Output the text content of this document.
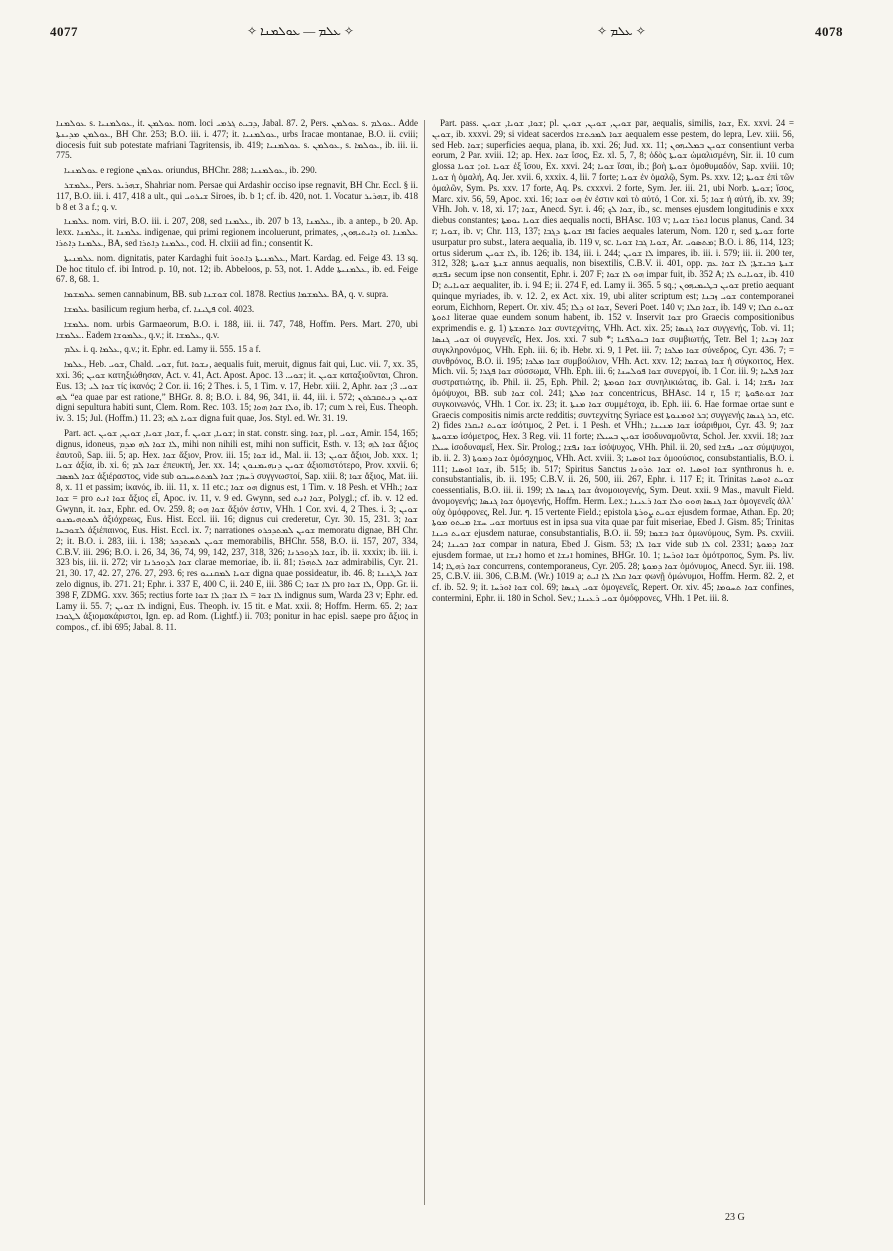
4077	✧ ܥܠܡ — ܥܘܠܡܢܐ ✧	✧ ܥܠܡ ✧	4078

ܥܘܠܡܢܐ s. ܥܘܠܡܢܝܐ, it. ܥܘܠܡܢ nom. loci ܕܒܝܬ ܓܪܡܝ, Jabal. 87. 2, Pers. ܥܘܠܡܢ s. ܥܘܠܡ. Adde ܥܘܠܡܢ ܡܕܝܢܬܐ, BH Chr. 253; B.O. iii. i. 477; it. ܥܘܠܡܢܝܐ, urbs Iracae montanae, B.O. ii. cviii; diocesis fuit sub potestate mafriani Tagritensis, ib. 419; ܥܘܠܡܢܝܐ s. ܥܘܠܡܢ, s. ܥܘܠܡܐ, ib. iii. ii. 775.

ܥܘܠܡܢܝܐ e regione ܥܘܠܡܢ oriundus, BHChr. 288; ܥܘܠܡܢܝܐ, ib. 290.

ܥܠܡܫܪ, Pers. ܫܗܪܝܪ, Shahriar nom. Persae qui Ardashir occiso ipse regnavit, BH Chr. Eccl. § ii. 117, B.O. iii. i. 417, 418 a ult., qui ܫܝܪܘܝ Siroes, ib. b 1; cf. ib. 420, not. 1. Vocatur ܫܗܪܝܪ, ib. 418 b 8 et 3 a f.; q. v.

ܥܠܡܢܐ nom. viri, B.O. iii. i. 207, 208, sed ܥܠܡܢܐ, ib. 207 b 13, ܥܠܡܢܐ, ib. a antep., b 20. Ap. lexx. ܥܠܡܢܐ, it. ܥܠܡܢܐ indigenae, qui primi regionem incoluerunt, primates, ܥܠܡܢܐ .ܐܘ ܕܐܝܬܝܗܘܢ, ܥܠܡܢܐ ܕܐܬܪܐ, BA, sed ܥܠܡܢܐ ܕܐܬܪܐ, cod. H. clxiii ad fin.; consentit K.

ܥܠܡܢܝܬܐ nom. dignitatis, pater Kardaghi fuit ܥܠܡܢܝܬܐ ܕܐܬܘܪ, Mart. Kardag. ed. Feige 43. 13 sq. De hoc titulo cf. ibi Introd. p. 10, not. 12; ib. Abbeloos, p. 53, not. 1. Adde ܥܠܡܢܝܬܐ, ib. ed. Feige 67. 8, 68. 1.

ܥܠܡܫܡܐ semen cannabinum, BB. sub ܫܘܫܢܐ col. 1878. Rectius ܥܠܡܫܡܐ BA, q. v. supra.

ܥܠܡܫܐ basilicum regium herba, cf. ܦܛܝܢܐ col. 4023.

ܥܠܡܫܐ nom. urbis Garmaeorum, B.O. i. 188, iii. ii. 747, 748, Hoffm. Pers. Mart. 270, ubi ܥܠܡܫܐ. Eadem ܥܠܡܘܫܐ, q.v.; it. ܥܠܡܫܐ, q.v.

ܥܠܡ i. q. ܥܠܡܐ, q.v.; it. Ephr. ed. Lamy ii. 555. 15 a f.

ܥܠܡܐ, Heb. ܫܘܝ, Chald. ܫܘܝ, fut. ܢܫܘܐ, aequalis fuit, meruit, dignus fait qui, Luc. vii. 7, xx. 35, xxi. 36; ܫܘܝܢ κατηξιώθησαν, Act. v. 41, Act. Apost. Apoc. ܫܘܝ. 13; it. ܫܘܝܢ καταξιοῦνται, Chron. Eus. 13; ܫܘܐ ܠܝ τίς ἱκανός; 2 Cor. ii. 16; 2 Thes. i. 5, 1 Tim. v. 17, Hebr. xiii. 2, Aphr. ܫܘܝ. 3; ܫܘܐ ܠܗ “ea quae par est ratione,” BHGr. 8. 8; B.O. i. 84, 96, 341, ii. 44, iii. i. 572; ܫܘܝܢ ܕܢܬܩܒܪܘܢ digni sepultura habiti sunt, Clem. Rom. Rec. 103. 15; ܘܠܐ ܫܘܐ ܗܘܐ, ib. 17; cum ܠ rei, Eus. Theoph. iv. 3. 15; Jul. (Hoffm.) 11. 23; ܫܘܝܐ ܠܗ digna fuit quae, Jos. Styl. ed. Wr. 31. 19.

Part. act. ܫܘܐ, ܫܘܝܐ, ܫܘܝܢ, ܫܘܝܢ, f. ܫܘܝܐ, ܫܘܝܢ; in stat. constr. sing. ܫܘܐ, pl. ܫܘܝ, Amir. 154, 165; dignus, idoneus, ܠܐ ܫܘܐ ܠܗ ܡܕܡ, mihi non nihili est, mihi non sufficit, Esth. v. 13; ܫܘܐ ܠܗ ἄξιος ἑαυτοῦ, Sap. iii. 5; ap. Hex. ܫܘܐ ἄξιον, Prov. iii. 15; ܫܘܐ id., Mal. ii. 13; ܫܘܝܢ ἄξιοι, Job. xxx. 1; ܫܘܝܐ ἀξία, ib. xi. 6; ܫܘܐ ܠܡ ἐπευκτή, Jer. xx. 14; ܫܘܝܢ ܕܢܗܝܡܢܘܢ ἀξιοπιστότερο, Prov. xxvii. 6; ܫܘܐ ܠܡܣܒ ἀξιέραστος, vide sub ܪܚܡ; ܫܘܐ ܠܡܬܬܚܝܒܘ συγγνωστοί, Sap. xiii. 8; ܫܘܐ ἄξιος, Mat. iii. 8, x. 11 et passim; ἱκανός, ib. iii. 11, x. 11 etc.; ܗܘ ܫܘܐ dignus est, 1 Tim. v. 18 Pesh. et VHh.; ܫܘܐ = ܫܘܐ pro ܫܘܐ ܐܢܬ ἄξιος εἶ, Apoc. iv. 11, v. 9 ed. Gwynn, sed ܫܘܐ ܐܢܬ, Polygl.; cf. ib. v. 12 ed. Gwynn, it. ܫܘܐ, Ephr. ed. Ov. 259. 8; ܫܘܐ ܗܘ ἄξιόν ἐστιν, VHh. 1 Cor. xvi. 4, 2 Thes. i. 3; ܫܘܝܢ ܠܡܬܗܝܡܢܘ ἀξιόχρεως, Eus. Hist. Eccl. iii. 16; dignus cui crederetur, Cyr. 30. 15, 231. 3; ܫܘܐ ܠܫܘܒܚܐ ἀξιέπαινος, Eus. Hist. Eccl. ix. 7; narrationes ܫܘܝܢ ܠܡܬܕܟܪܘ memoratu dignae, BH Chr. 2; it. B.O. i. 283, iii. i. 138; ܫܘܝܢ ܠܡܬܕܟܪ memorabilis, BHChr. 558, B.O. ii. 157, 207, 334, C.B.V. iii. 296; B.O. i. 26, 34, 36, 74, 99, 142, 237, 318, 326; ܫܘܐ ܠܕܘܟܪܢܐ, ib. ii. xxxix; ib. iii. i. 323 bis, iii. ii. 272; vir ܫܘܐ ܠܕܘܟܪܢܐ clarae memoriae, ib. ii. 81; ܫܘܐ ܠܬܗܪܐ admirabilis, Cyr. 21. 21, 30. 17, 42. 27, 276. 27, 293. 6; res ܫܘܝܐ ܠܡܩܢܝܘ digna quae possideatur, ib. 46. 8; ܫܘܐ ܠܛܢܢܐ zelo dignus, ib. 271. 21; Ephr. i. 337 E, 400 C, ii. 240 E, iii. 386 C; ܠܐ ܫܘܐ pro ܠܐ ܫܘܐ, Opp. Gr. ii. 398 F, ZDMG. xxv. 365; rectius forte ܠܐ ܫܘܐ = ܠܐ ܫܘܐ; ܠܐ ܫܘܐ indignus sum, Warda 23 v; Ephr. ed. Lamy ii. 55. 7; ܠܐ ܫܘܝܢ indigni, Eus. Theoph. iv. 15 tit. e Mat. xxii. 8; Hoffm. Herm. 65. 2; ܫܘܐ ܠܛܘܒܐ ἀξιομακάριστοι, Ign. ep. ad Rom. (Lightf.) ii. 703; ponitur in hac episl. saepe pro ἄξιος in compos., cf. ibi 695; Jabal. 8. 11.

Part. pass. ܫܘܐ, ܫܘܝܐ, ܫܘܝܢ; pl. ܫܘܝܢ, ܫܘܝܢ, ܫܘܝܢ par, aequalis, similis, ܫܘܐ, Ex. xxvi. 24 = ܫܘܝܢ, ib. xxxvi. 29; si videat sacerdos ܫܘܐ ܠܡܟܬܫܐ aequalem esse pestem, do lepra, Lev. xiii. 56, sed Heb. ܫܘܐ; superficies aequa, plana, ib. xxi. 26; Jud. xx. 11; ܫܘܝܢ ܒܡܠܝܗܘܢ consentiunt verba eorum, 2 Par. xviii. 12; ap. Hex. ܫܘܐ ἴσος, Ez. xl. 5, 7, 8; ὁδὸς ܫܘܝܬܐ ὡμαλισμένη, Sir. ii. 10 cum glossa ܫܘܝܐ .ܐܘ; ܫܘܝܐ ἐξ ἴσου, Ex. xxvi. 24; ܫܘܝܐ ἴσαι, ib.; βοὴ ܫܘܝܬܐ ὁμοθυμαδόν, Sap. xviii. 10; ܫܘܝܐ ἡ ὁμαλή, Aq. Jer. xvii. 6, xxxix. 4, lii. 7 forte; ܫܘܝܐ ἐν ὁμαλῷ, Sym. Ps. xxv. 12; ܫܘܝܬܐ ἐπὶ τῶν ὁμαλῶν, Sym. Ps. xxv. 17 forte, Aq. Ps. cxxxvi. 2 forte, Sym. Jer. iii. 21, ubi Norb. ܫܘܝܬܐ; ἴσος, Marc. xiv. 56, 59, Apoc. xxi. 16; ܗܘ ܫܘܐ ἐν ἐστιν καὶ τὸ αὐτό, 1 Cor. xi. 5; ܫܘܐ ἡ αὐτή, ib. xv. 39; VHh. Joh. v. 18, xi. 17; ܫܘܐ, Anecd. Syr. i. 46; ܫܘܐ ܠܟ, ib., sc. menses ejusdem longitudinis e xxx diebus constantes; ܫܘܝܐ ܝܘܡܬܐ dies aequalis nocti, BHAsc. 103 v; ܐܬܪܐ ܫܘܝܐ locus planus, Cand. 34 r; ܫܘܝܐ, ib. v; Chr. 113, 137; ܐܦܐ ܫܘܝܬܐ ܕܓܒܐ facies aequales laterum, Nom. 120 r, sed ܫܘܝܬܐ forte usurpatur pro subst., latera aequalia, ib. 119 v, sc. ܫܘܝܐ ܓܒܐ ܫܘܝܐ, Ar. ܡܬܣܘܝ; B.O. i. 86, 114, 123; ortus siderum ܠܐ ܫܘܝܢ, ib. 126; ib. 134, iii. i. 244; ܠܐ ܫܘܝܢ impares, ib. iii. i. 579; iii. ii. 200 ter, 312, 328; ܫܢܬܐ ܫܘܝܬܐ annus aequalis, non bisextilis, C.B.V. ii. 401, opp. ܫܢܬܐ ܟܒܝܫܬܐ; ܠܐ ܫܘܐ ܥܡ ܢܦܫܗ secum ipse non consentit, Ephr. i. 207 F; ܗܘ ܠܐ ܫܘܐ impar fuit, ib. 352 A; ܫܘܝܐܝܬ ܠܐ, ib. 410 D; ܫܘܝܐܝܬ aequaliter, ib. i. 94 E; ii. 274 F, ed. Lamy ii. 365. 5 sq.; ܫܘܝܢ ܒܛܝܡܝܗܘܢ pretio aequant quinque myriades, ib. v. 12. 2, ex Act. xix. 19, ubi aliter scriptum est; ܫܘܝ ܙܒܢܐ contemporanei eorum, Eichhorn, Repert. Or. xiv. 45; ܫܘܐ ܐܘ ܕܠܐ, Severi Poet. 140 v; ܫܘܐ ܩܠܐ, ib. 149 v; ܫܘܝܬ ܩܠܐ ܐܬܘܬܐ literae quae eundem sonum habent, ib. 152 v. Inservit ܫܘܐ pro Graecis compositionibus exprimendis e. g. 1) ܫܘܐ ܬܫܡܫܬܐ συντεχνίτης, VHh. Act. xix. 25; ܫܘܐ ܓܢܣܐ συγγενής, Tob. vi. 11; ܫܘܝ ܓܢܣܐ οἱ συγγενεῖς, Hex. Jos. xxi. 7 sub *; ܫܘܐ ܒܝܘܠܦܢܐ συμβιωτής, Tetr. Bel 1; ܫܘܐ ܙܒܢܐ συγκληρονόμος, VHh. Eph. iii. 6; ib. Hebr. xi. 9, 1 Pet. iii. 7; ܫܘܐ ܡܠܟܐ σύνεδρος, Cyr. 436. 7; = συνθρόνος, B.O. ii. 195; ܫܘܐ ܡܠܟܐ συμβούλιον, VHh. Act. xxv. 12; ܫܘܐ ܓܘܫܡܐ ἡ σύγκοιτος, Hex. Mich. vii. 5; ܫܘܐ ܦܓܪܐ σύσσωμα, VHh. Eph. iii. 6; ܫܘܐ ܦܘܠܚܢܐ συνεργοί, ib. 1 Cor. iii. 9; ܫܘܐ ܦܠܚܐ συστρατιώτης, ib. Phil. ii. 25, Eph. Phil. 2; ܫܘܐ ܩܘܡܬܐ συνηλικιώτας, ib. Gal. i. 14; ܫܘܐ ܢܦܫܐ ὁμόψυχοι, BB. sub ܫܘܐ col. 241; ܫܘܐ ܡܠܬܐ concentricus, BHAsc. 14 r, 15 r; ܫܘܐ ܫܘܬܦܘܬܐ συγκοινωνός, VHh. 1 Cor. ix. 23; it. ܫܘܐ ܡܢܬܐ συμμέτοχα, ib. Eph. iii. 6. Hae formae ortae sunt e Graecis compositis nimis arcte redditis; συντεχνίτης Syriace est ܒܪ ܐܘܡܢܘܬܐ; συγγενής ܒܪ ܓܢܣܐ, etc. 2) fides ܫܘܝܬ ܐܝܩܪܐ ἰσότιμος, 2 Pet. i. 1 Pesh. et VHh.; ܫܘܐ ܡܢܝܢܐ ἰσάριθμοι, Cyr. 43. 9; ܫܘܐ ܡܫܘܚܬܐ ἰσόμετρος, Hex. 3 Reg. vii. 11 forte; ܫܘܝܢ ܒܚܝܠܐ ἰσοδυναμοῦντα, Schol. Jer. xxvii. 18; ܫܘܐ ܚܝܠܐ ἰσοδυναμεῖ, Hex. Sir. Prolog.; ܫܘܐ ܢܦܫܐ ἰσόψυχος, VHh. Phil. ii. 20, sed ܫܘܝ ܢܦܫܐ σύμψυχοι, ib. ii. 2. 3) ܫܘܐ ܕܡܘܬܐ ὁμόσχημος, VHh. Act. xviii. 3; ܫܘܐ ܐܘܣܝܐ ὁμοούσιος, consubstantialis, B.O. i. 111; ܫܘܐ ܐܘܣܝܐ, ib. 515; ib. 517; Spiritus Sanctus ܫܘܐ ܐܘܣܝܐ .ܐܘ ܫܘܐ ܬܪܘܢܐ synthronus h. e. consubstantialis, ib. ii. 195; C.B.V. ii. 26, 500, iii. 267, Ephr. i. 117 E; it. Trinitas ܫܘܝܬ ܐܘܣܝܐ coessentialis, B.O. iii. ii. 199; ܫܘܐ ܓܢܣܐ ܠܐ ἀνομοιογενής, Sym. Deut. xxii. 9 Mas., mavult Field. ἀνομογενής; ܫܘܐ ܓܢܣܐ ὁμογενής, Hoffm. Herm. Lex.; ܫܘܐ ܓܢܣܐ ܗܘܘ ܘܠܐ ܫܘܐ ܪܥܝܢܐ ὁμογενεῖς ἀλλ᾽ οὐχ ὁμόφρονες, Rel. Jur. ๆ. 15 vertente Field.; epistola ܫܘܝܬ ܨܘܪܬܐ ejusdem formae, Athan. Ep. 20; ܫܘܝ ܚܫܐ ܡܝܬܘ ܡܘܬܐ mortuus est in ipsa sua vita quae par fuit miseriae, Ebed J. Gism. 85; Trinitas ܫܘܝܬ ܟܝܢܐ ejusdem naturae, consubstantialis, B.O. ii. 59; ܫܘܐ ܒܫܡܐ ὁμωνύμους, Sym. Ps. cxviii. 24; ܫܘܐ ܒܟܝܢܐ compar in natura, Ebed J. Gism. 53; ܫܘܐ ܠܐ vide sub ܠܐ col. 2331; ܫܘܐ ܕܡܘܬܐ ejusdem formae, ut ܐܢܫܐ homo et ܐܢܫܐ homines, BHGr. 10. 1; ܫܘܐ ܐܘܪܚܐ ὁμότροπος, Sym. Ps. liv. 14; ܫܘܐ ܪܗܛܐ concurrens, contemporaneus, Cyr. 205. 28; ܫܘܐ ܕܡܘܬܐ ὁμόνυμος, Anecd. Syr. iii. 198. 25, C.B.V. iii. 306, C.B.M. (Wr.) 1019 a; ܫܘܐ ܩܠܐ ܠܐ ܐܝܬ φωνῇ ὁμώνυμοι, Hoffm. Herm. 82. 2, et cf. ib. 52. 9; it. ܫܘܐ ܐܘܪܚܐ col. 69; ܫܘܝ ܓܢܣܐ ὁμογενεῖς, Repert. Or. xiv. 45; ܫܘܐ ܬܚܘܡܐ confines, contermini, Ephr. ii. 180 in Schol. Sev.; ܫܘܝ ܪܥܝܢܐ ὁμόφρονες, VHh. 1 Pet. iii. 8.

23 G
